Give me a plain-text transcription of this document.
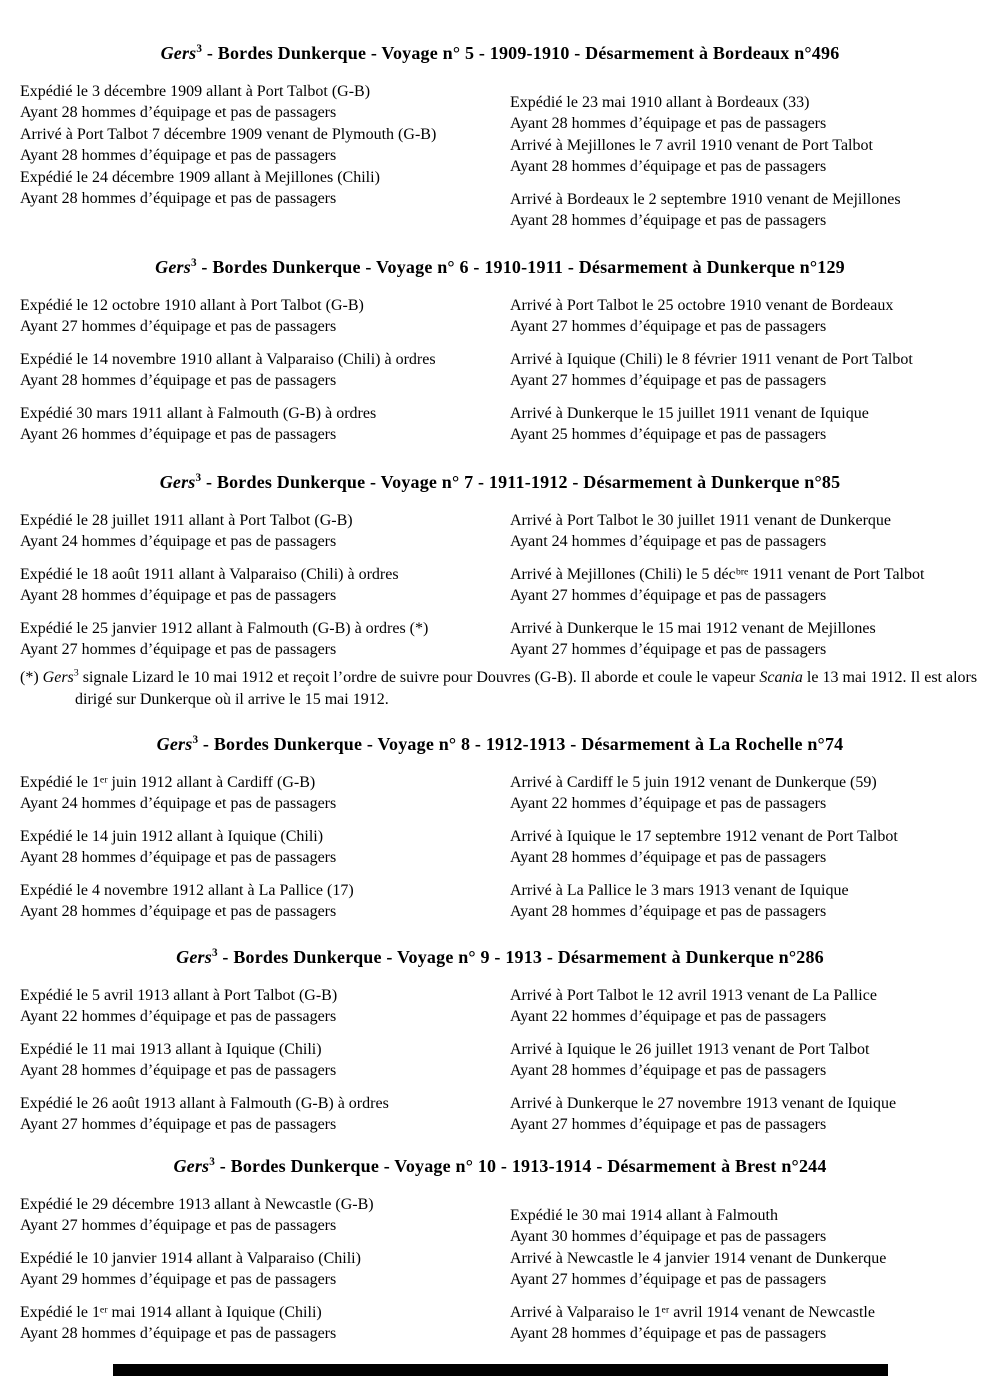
Gers$^3$ - Bordes Dunkerque - Voyage n° 5 - 1909-1910 - Désarmement à Bordeaux n°496
Expédié le 3 décembre 1909 allant à Port Talbot (G-B)
Ayant 28 hommes d’équipage et pas de passagers
Arrivé à Port Talbot 7 décembre 1909 venant de Plymouth (G-B)
Ayant 28 hommes d’équipage et pas de passagers
Expédié le 24 décembre 1909 allant à Mejillones (Chili)
Ayant 28 hommes d’équipage et pas de passagers
Expédié le 23 mai 1910 allant à Bordeaux (33)
Ayant 28 hommes d’équipage et pas de passagers
Arrivé à Mejillones le 7 avril 1910 venant de Port Talbot
Ayant 28 hommes d’équipage et pas de passagers
Arrivé à Bordeaux le 2 septembre 1910 venant de Mejillones
Ayant 28 hommes d’équipage et pas de passagers
Gers$^3$ - Bordes Dunkerque - Voyage n° 6 - 1910-1911 - Désarmement à Dunkerque n°129
Expédié le 12 octobre 1910 allant à Port Talbot (G-B)
Ayant 27 hommes d’équipage et pas de passagers
Expédié le 14 novembre 1910 allant à Valparaiso (Chili) à ordres
Ayant 28 hommes d’équipage et pas de passagers
Expédié 30 mars 1911 allant à Falmouth (G-B) à ordres
Ayant 26 hommes d’équipage et pas de passagers
Arrivé à Port Talbot le 25 octobre 1910 venant de Bordeaux
Ayant 27 hommes d’équipage et pas de passagers
Arrivé à Iquique (Chili) le 8 février 1911 venant de Port Talbot
Ayant 27 hommes d’équipage et pas de passagers
Arrivé à Dunkerque le 15 juillet 1911 venant de Iquique
Ayant 25 hommes d’équipage et pas de passagers
Gers$^3$ - Bordes Dunkerque - Voyage n° 7 - 1911-1912 - Désarmement à Dunkerque n°85
Expédié le 28 juillet 1911 allant à Port Talbot (G-B)
Ayant 24 hommes d’équipage et pas de passagers
Expédié le 18 août 1911 allant à Valparaiso (Chili) à ordres
Ayant 28 hommes d’équipage et pas de passagers
Expédié le 25 janvier 1912 allant à Falmouth (G-B) à ordres (*)
Ayant 27 hommes d’équipage et pas de passagers
Arrivé à Port Talbot le 30 juillet 1911 venant de Dunkerque
Ayant 24 hommes d’équipage et pas de passagers
Arrivé à Mejillones (Chili) le 5 décᵇʳᵉ 1911 venant de Port Talbot
Ayant 27 hommes d’équipage et pas de passagers
Arrivé à Dunkerque le 15 mai 1912 venant de Mejillones
Ayant 27 hommes d’équipage et pas de passagers
(*) Gers$^3$ signale Lizard le 10 mai 1912 et reçoit l’ordre de suivre pour Douvres (G-B). Il aborde et coule le vapeur Scania le 13 mai 1912. Il est alors dirigé sur Dunkerque où il arrive le 15 mai 1912.
Gers$^3$ - Bordes Dunkerque - Voyage n° 8 - 1912-1913 - Désarmement à La Rochelle n°74
Expédié le 1ᵉʳ juin 1912 allant à Cardiff (G-B)
Ayant 24 hommes d’équipage et pas de passagers
Expédié le 14 juin 1912 allant à Iquique (Chili)
Ayant 28 hommes d’équipage et pas de passagers
Expédié le 4 novembre 1912 allant à La Pallice (17)
Ayant 28 hommes d’équipage et pas de passagers
Arrivé à Cardiff le 5 juin 1912 venant de Dunkerque (59)
Ayant 22 hommes d’équipage et pas de passagers
Arrivé à Iquique le 17 septembre 1912 venant de Port Talbot
Ayant 28 hommes d’équipage et pas de passagers
Arrivé à La Pallice le 3 mars 1913 venant de Iquique
Ayant 28 hommes d’équipage et pas de passagers
Gers$^3$ - Bordes Dunkerque - Voyage n° 9 - 1913 - Désarmement à Dunkerque n°286
Expédié le 5 avril 1913 allant à Port Talbot (G-B)
Ayant 22 hommes d’équipage et pas de passagers
Expédié le 11 mai 1913 allant à Iquique (Chili)
Ayant 28 hommes d’équipage et pas de passagers
Expédié le 26 août 1913 allant à Falmouth (G-B) à ordres
Ayant 27 hommes d’équipage et pas de passagers
Arrivé à Port Talbot le 12 avril 1913 venant de La Pallice
Ayant 22 hommes d’équipage et pas de passagers
Arrivé à Iquique le 26 juillet 1913 venant de Port Talbot
Ayant 28 hommes d’équipage et pas de passagers
Arrivé à Dunkerque le 27 novembre 1913 venant de Iquique
Ayant 27 hommes d’équipage et pas de passagers
Gers$^3$ - Bordes Dunkerque - Voyage n° 10 - 1913-1914 - Désarmement à Brest n°244
Expédié le 29 décembre 1913 allant à Newcastle (G-B)
Ayant 27 hommes d’équipage et pas de passagers
Expédié le 10 janvier 1914 allant à Valparaiso (Chili)
Ayant 29 hommes d’équipage et pas de passagers
Expédié le 1ᵉʳ mai 1914 allant à Iquique (Chili)
Ayant 28 hommes d’équipage et pas de passagers
Expédié le 30 mai 1914 allant à Falmouth
Ayant 30 hommes d’équipage et pas de passagers
Arrivé à Newcastle le 4 janvier 1914 venant de Dunkerque
Ayant 27 hommes d’équipage et pas de passagers
Arrivé à Valparaiso le 1ᵉʳ avril 1914 venant de Newcastle
Ayant 28 hommes d’équipage et pas de passagers
